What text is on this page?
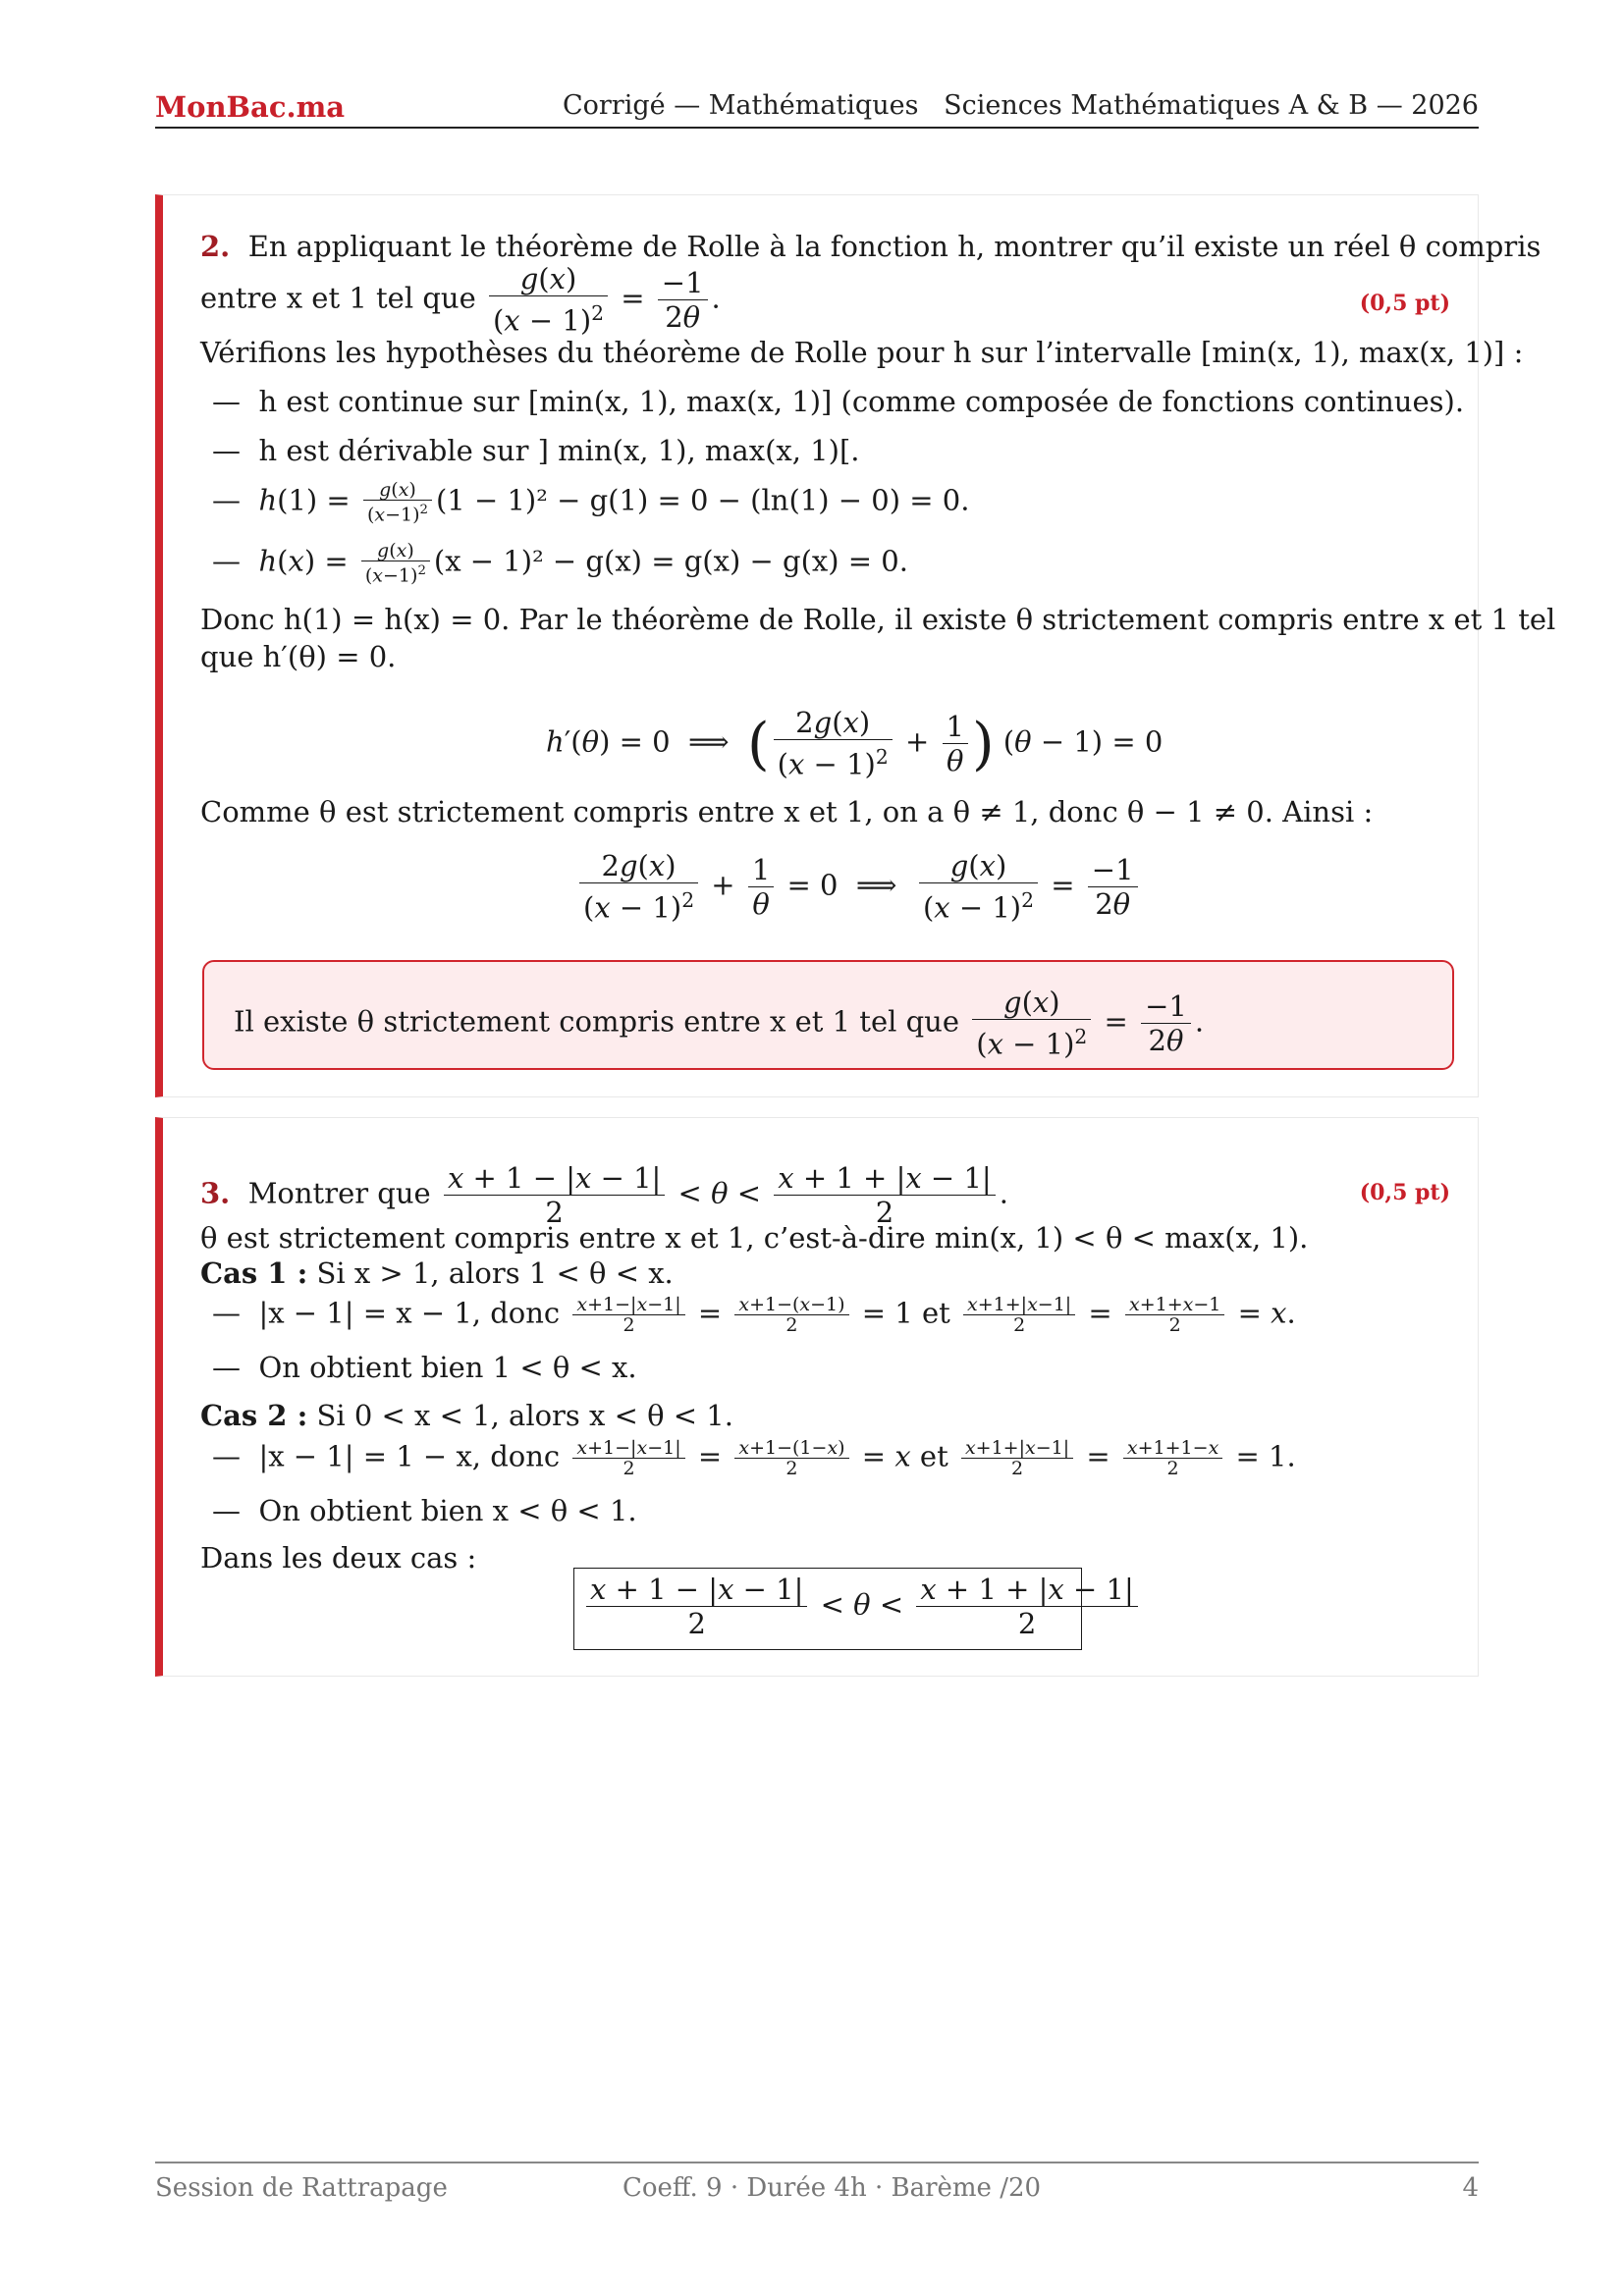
MonBac.ma	Corrigé — Mathématiques   Sciences Mathématiques A & B — 2026
2. En appliquant le théorème de Rolle à la fonction h, montrer qu’il existe un réel θ compris
entre x et 1 tel que $\frac{g(x)}{(x - 1)^2} = \frac{-1}{2\theta}$ .	(0,5 pt)
Vérifions les hypothèses du théorème de Rolle pour h sur l’intervalle [min(x, 1), max(x, 1)] :
—  h est continue sur [min(x, 1), max(x, 1)] (comme composée de fonctions continues).
—  h est dérivable sur ] min(x, 1), max(x, 1)[.
—  $h(1) = \frac{g(x)}{(x-1)^2} (1 - 1)^2 - g(1) = 0 - (\ln(1) - 0) = 0$.
—  $h(x) = \frac{g(x)}{(x-1)^2} (x - 1)^2 - g(x) = g(x) - g(x) = 0$.
Donc h(1) = h(x) = 0. Par le théorème de Rolle, il existe θ strictement compris entre x et 1 tel
que h′(θ) = 0.
h′(θ) = 0  ⟹  ( $\frac{2g(x)}{(x - 1)^2} + \frac{1}{\theta}$ ) (θ − 1) = 0
Comme θ est strictement compris entre x et 1, on a θ ≠ 1, donc θ − 1 ≠ 0. Ainsi :
$\frac{2g(x)}{(x - 1)^2} + \frac{1}{\theta} = 0$  ⟹ $\frac{g(x)}{(x - 1)^2} = \frac{-1}{2\theta}$
Il existe θ strictement compris entre x et 1 tel que $\frac{g(x)}{(x - 1)^2} = \frac{-1}{2\theta}$ .
3. Montrer que $\frac{x + 1 - |x - 1|}{2} < \theta < \frac{x + 1 + |x - 1|}{2}$ .	(0,5 pt)
θ est strictement compris entre x et 1, c’est-à-dire min(x, 1) < θ < max(x, 1).
Cas 1 : Si x > 1, alors 1 < θ < x.
—  |x − 1| = x − 1, donc $\frac{x+1-|x-1|}{2} = \frac{x+1-(x-1)}{2} = 1$ et $\frac{x+1+|x-1|}{2} = \frac{x+1+x-1}{2} = x$.
—  On obtient bien 1 < θ < x.
Cas 2 : Si 0 < x < 1, alors x < θ < 1.
—  |x − 1| = 1 − x, donc $\frac{x+1-|x-1|}{2} = \frac{x+1-(1-x)}{2} = x$ et $\frac{x+1+|x-1|}{2} = \frac{x+1+1-x}{2} = 1$.
—  On obtient bien x < θ < 1.
Dans les deux cas :
$\frac{x + 1 - |x - 1|}{2} < \theta < \frac{x + 1 + |x - 1|}{2}$
Session de Rattrapage	Coeff. 9 · Durée 4h · Barème /20	4
